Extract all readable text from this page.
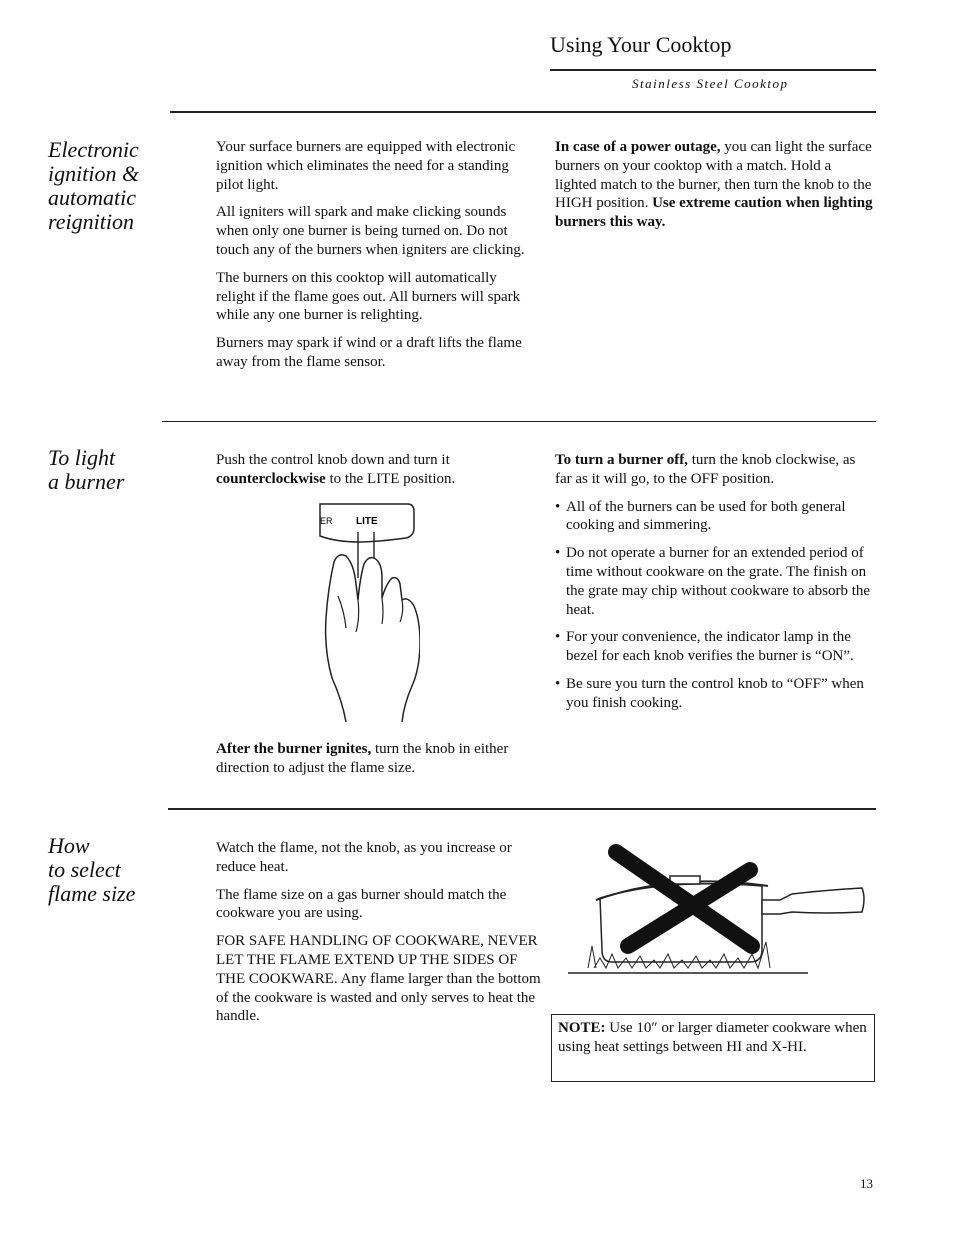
Using Your Cooktop
Stainless Steel Cooktop
Electronic ignition & automatic reignition

Your surface burners are equipped with electronic ignition which eliminates the need for a standing pilot light.

All igniters will spark and make clicking sounds when only one burner is being turned on. Do not touch any of the burners when igniters are clicking.

The burners on this cooktop will automatically relight if the flame goes out. All burners will spark while any one burner is relighting.

Burners may spark if wind or a draft lifts the flame away from the flame sensor.

In case of a power outage, you can light the surface burners on your cooktop with a match. Hold a lighted match to the burner, then turn the knob to the HIGH position. Use extreme caution when lighting burners this way.

To light
a burner

Push the control knob down and turn it counterclockwise to the LITE position.

ER LITE

After the burner ignites, turn the knob in either direction to adjust the flame size.

To turn a burner off, turn the knob clockwise, as far as it will go, to the OFF position.

• All of the burners can be used for both general cooking and simmering.
• Do not operate a burner for an extended period of time without cookware on the grate. The finish on the grate may chip without cookware to absorb the heat.
• For your convenience, the indicator lamp in the bezel for each knob verifies the burner is “ON”.
• Be sure you turn the control knob to “OFF” when you finish cooking.
How
to select
flame size

Watch the flame, not the knob, as you increase or reduce heat.

The flame size on a gas burner should match the cookware you are using.

FOR SAFE HANDLING OF COOKWARE, NEVER LET THE FLAME EXTEND UP THE SIDES OF THE COOKWARE. Any flame larger than the bottom of the cookware is wasted and only serves to heat the handle.

NOTE: Use 10″ or larger diameter cookware when using heat settings between HI and X-HI.
13
